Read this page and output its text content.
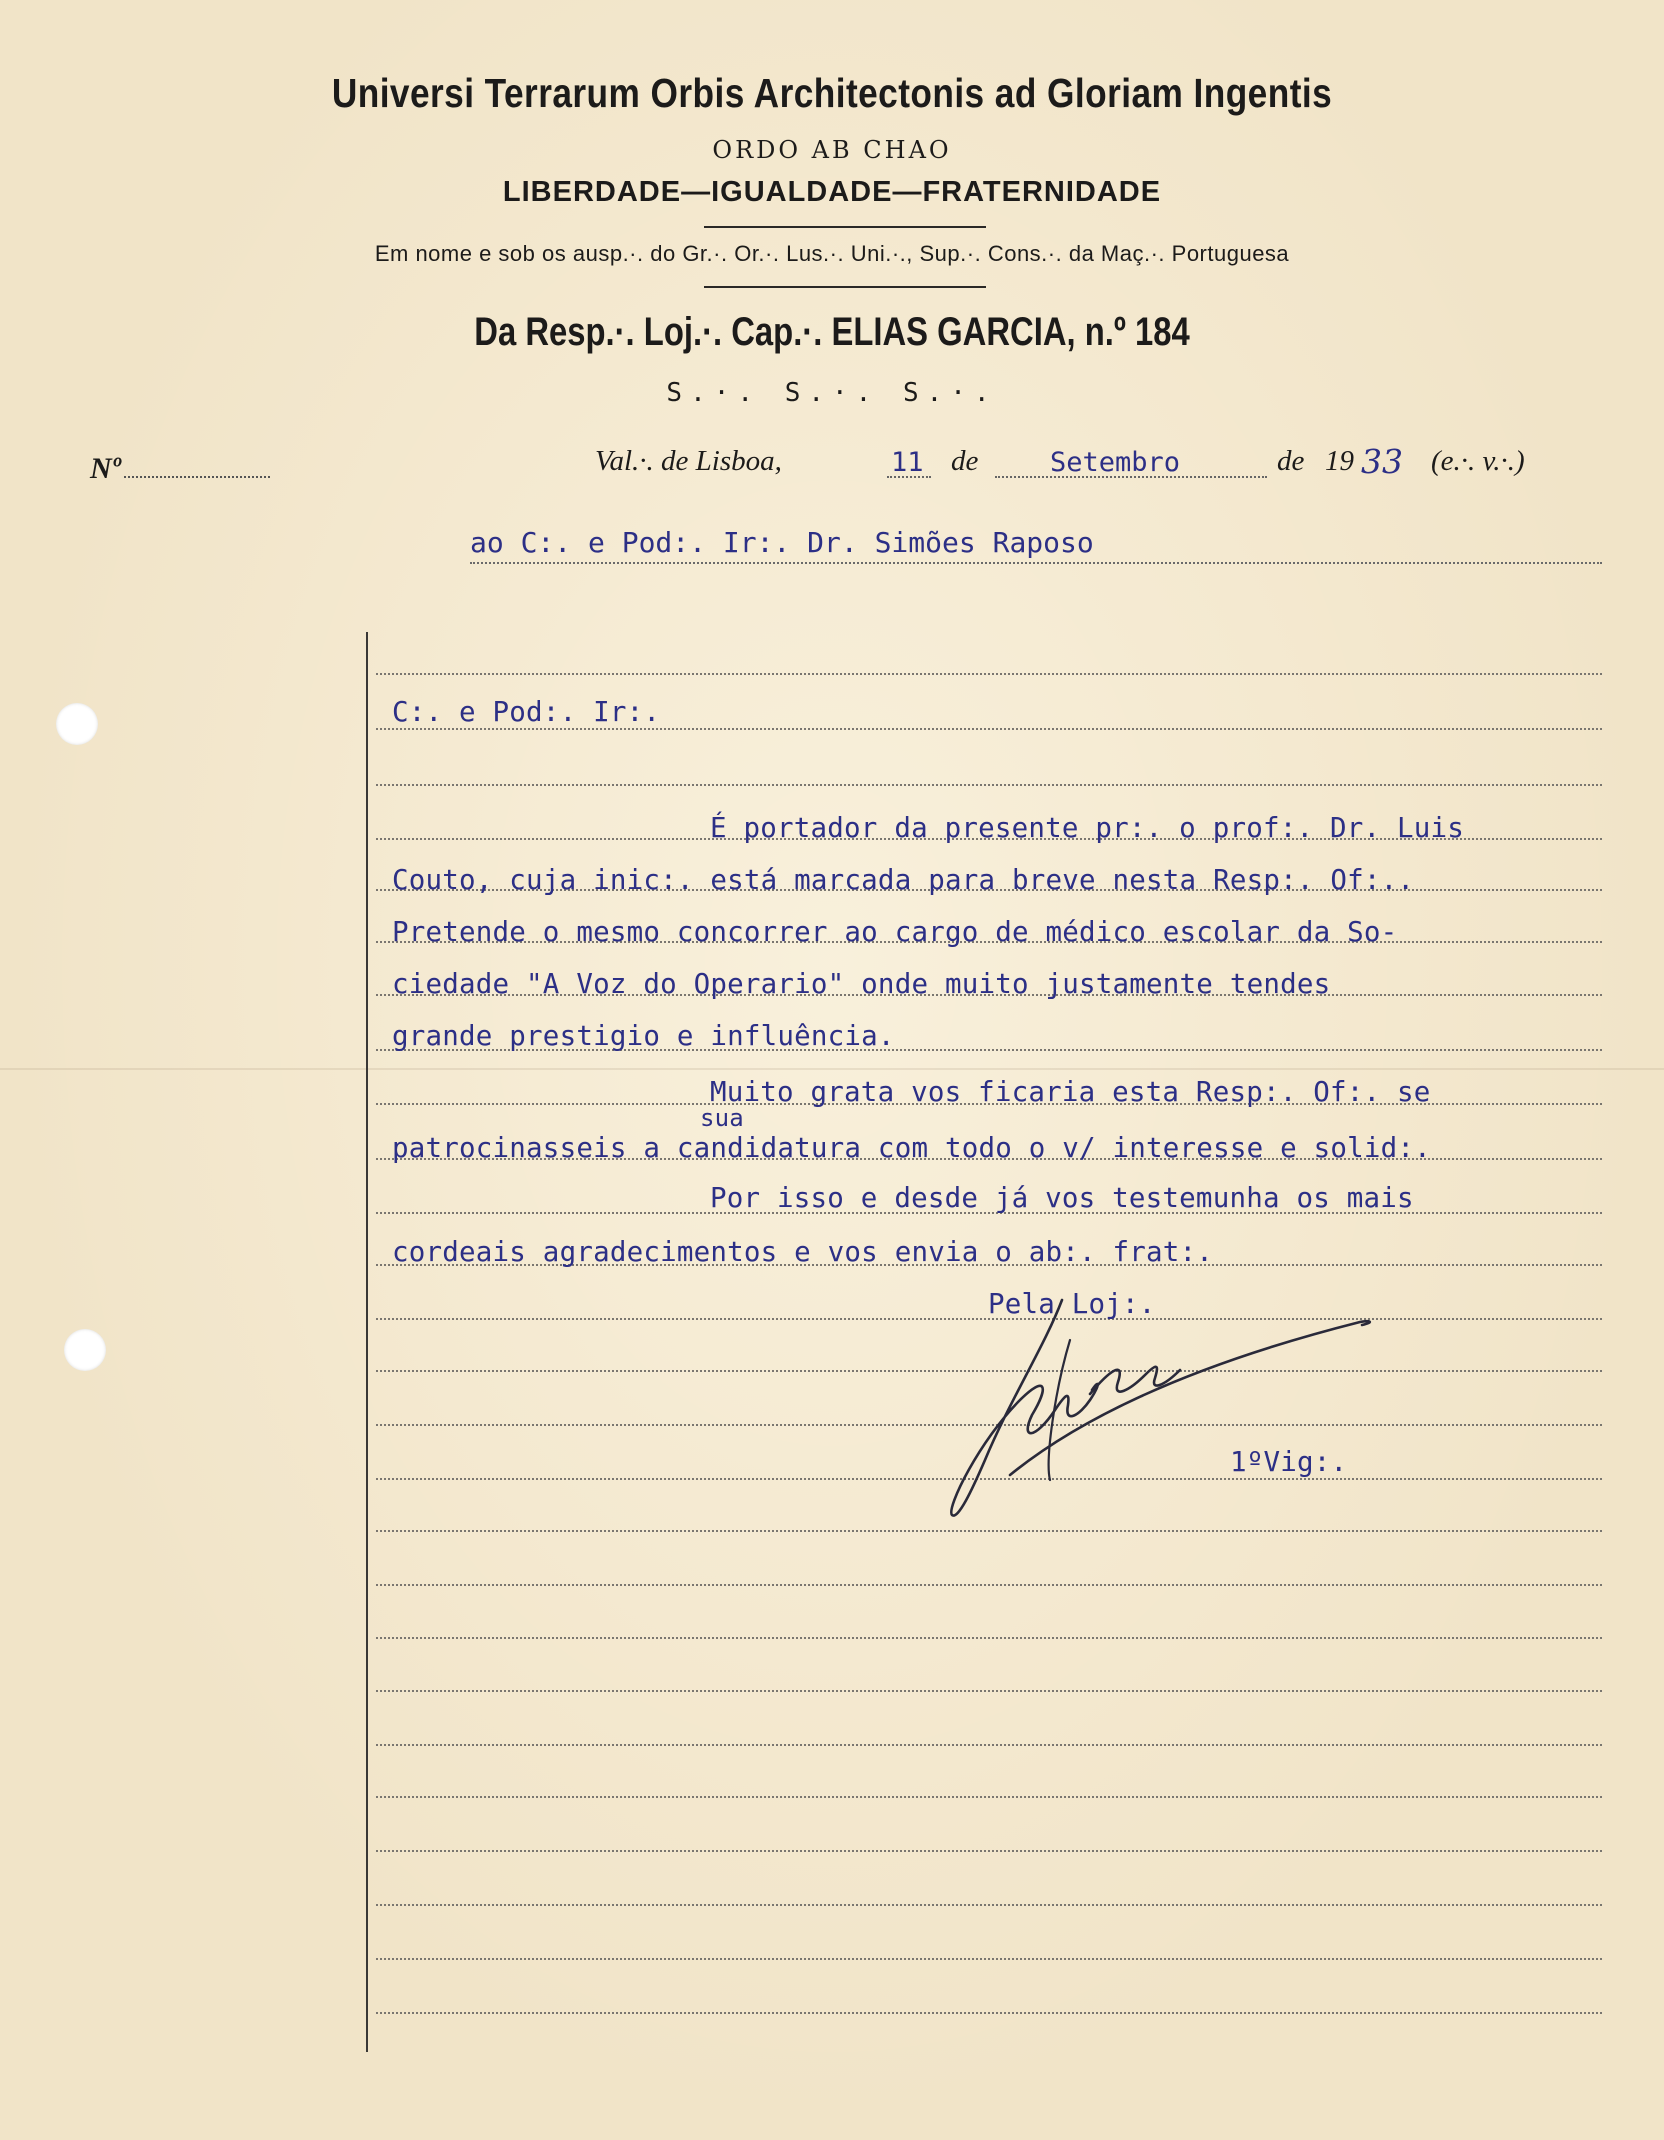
Universi Terrarum Orbis Architectonis ad Gloriam Ingentis
ORDO AB CHAO
LIBERDADE—IGUALDADE—FRATERNIDADE
Em nome e sob os ausp.·. do Gr.·. Or.·. Lus.·. Uni.·., Sup.·. Cons.·. da Maç.·. Portuguesa
Da Resp.·. Loj.·. Cap.·. ELIAS GARCIA, n.º 184
S.·. S.·. S.·.
Nº	Val.·. de Lisboa,	11 de	Setembro	de 19 33 (e.·. v.·.)
ao C:. e Pod:. Ir:. Dr. Simões Raposo
C:. e Pod:. Ir:.
É portador da presente pr:. o prof:. Dr. Luis
Couto, cuja inic:. está marcada para breve nesta Resp:. Of:..
Pretende o mesmo concorrer ao cargo de médico escolar da So-
ciedade "A Voz do Operario" onde muito justamente tendes
grande prestigio e influência.
Muito grata vos ficaria esta Resp:. Of:. se
sua
patrocinasseis a candidatura com todo o v/ interesse e solid:.
Por isso e desde já vos testemunha os mais
cordeais agradecimentos e vos envia o ab:. frat:.
Pela Loj:.
1ºVig:.
